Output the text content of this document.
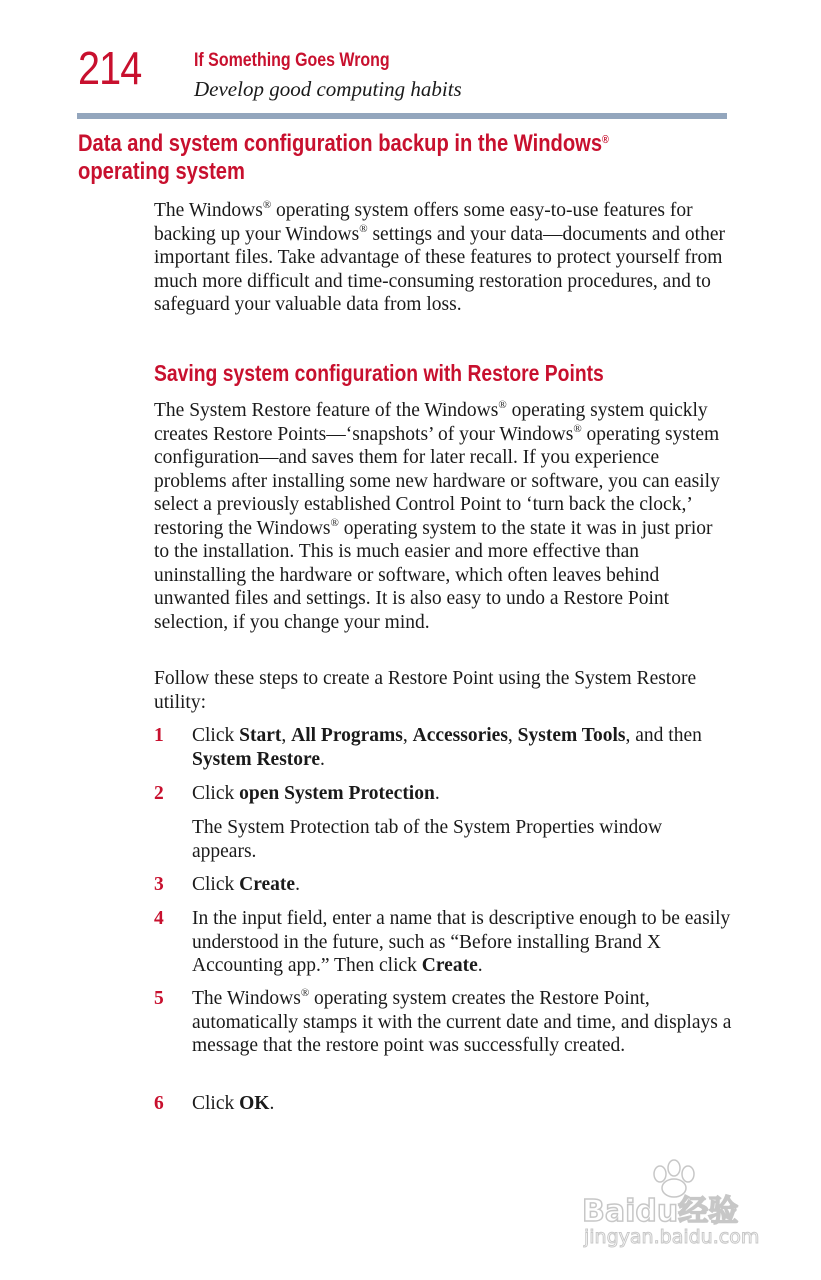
214	If Something Goes Wrong
Develop good computing habits
Data and system configuration backup in the Windows® operating system

The Windows® operating system offers some easy-to-use features for backing up your Windows® settings and your data—documents and other important files. Take advantage of these features to protect yourself from much more difficult and time-consuming restoration procedures, and to safeguard your valuable data from loss.

Saving system configuration with Restore Points

The System Restore feature of the Windows® operating system quickly creates Restore Points—‘snapshots’ of your Windows® operating system configuration—and saves them for later recall. If you experience problems after installing some new hardware or software, you can easily select a previously established Control Point to ‘turn back the clock,’ restoring the Windows® operating system to the state it was in just prior to the installation. This is much easier and more effective than uninstalling the hardware or software, which often leaves behind unwanted files and settings. It is also easy to undo a Restore Point selection, if you change your mind.

Follow these steps to create a Restore Point using the System Restore utility:

1	Click Start, All Programs, Accessories, System Tools, and then System Restore.
2	Click open System Protection.
The System Protection tab of the System Properties window appears.
3	Click Create.
4	In the input field, enter a name that is descriptive enough to be easily understood in the future, such as “Before installing Brand X Accounting app.” Then click Create.
5	The Windows® operating system creates the Restore Point, automatically stamps it with the current date and time, and displays a message that the restore point was successfully created.
6	Click OK.
Baidu经验
jingyan.baidu.com
